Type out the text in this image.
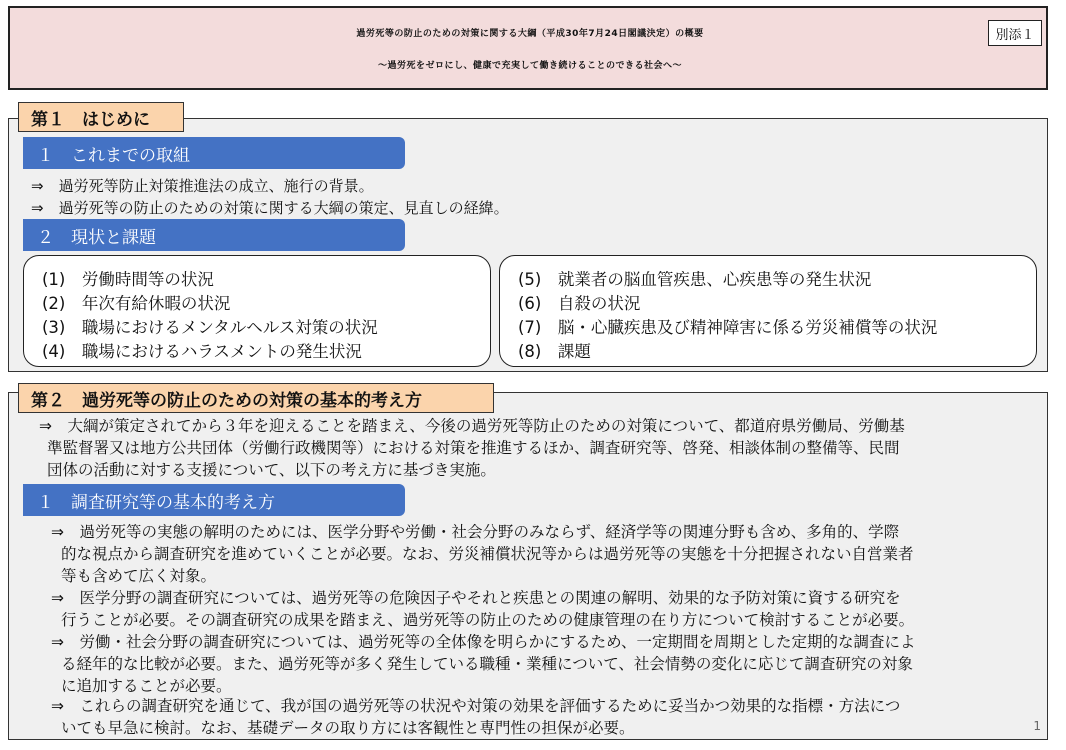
過労死等の防止のための対策に関する大綱（平成30年7月24日閣議決定）の概要
～過労死をゼロにし、健康で充実して働き続けることのできる社会へ～
別添１
１　これまでの取組
⇒　過労死等防止対策推進法の成立、施行の背景。
⇒　過労死等の防止のための対策に関する大綱の策定、見直しの経緯。
２　現状と課題
(1)　労働時間等の状況
(2)　年次有給休暇の状況
(3)　職場におけるメンタルヘルス対策の状況
(4)　職場におけるハラスメントの発生状況
(5)　就業者の脳血管疾患、心疾患等の発生状況
(6)　自殺の状況
(7)　脳・心臓疾患及び精神障害に係る労災補償等の状況
(8)　課題
第１　はじめに
⇒　大綱が策定されてから３年を迎えることを踏まえ、今後の過労死等防止のための対策について、都道府県労働局、労働基
準監督署又は地方公共団体（労働行政機関等）における対策を推進するほか、調査研究等、啓発、相談体制の整備等、民間
団体の活動に対する支援について、以下の考え方に基づき実施。
１　調査研究等の基本的考え方
⇒　過労死等の実態の解明のためには、医学分野や労働・社会分野のみならず、経済学等の関連分野も含め、多角的、学際
的な視点から調査研究を進めていくことが必要。なお、労災補償状況等からは過労死等の実態を十分把握されない自営業者
等も含めて広く対象。
⇒　医学分野の調査研究については、過労死等の危険因子やそれと疾患との関連の解明、効果的な予防対策に資する研究を
行うことが必要。その調査研究の成果を踏まえ、過労死等の防止のための健康管理の在り方について検討することが必要。
⇒　労働・社会分野の調査研究については、過労死等の全体像を明らかにするため、一定期間を周期とした定期的な調査によ
る経年的な比較が必要。また、過労死等が多く発生している職種・業種について、社会情勢の変化に応じて調査研究の対象
に追加することが必要。
⇒　これらの調査研究を通じて、我が国の過労死等の状況や対策の効果を評価するために妥当かつ効果的な指標・方法につ
いても早急に検討。なお、基礎データの取り方には客観性と専門性の担保が必要。	1
第２　過労死等の防止のための対策の基本的考え方
